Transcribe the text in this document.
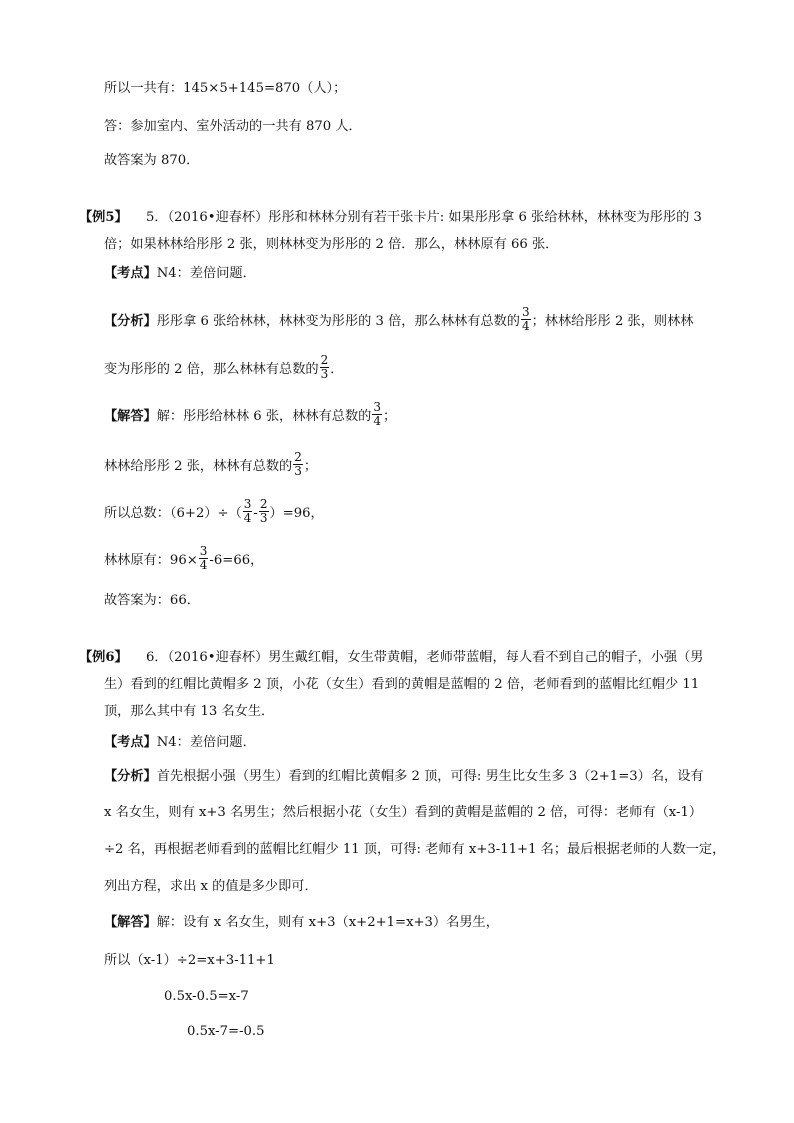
所以一共有：145×5+145=870（人）；
答：参加室内、室外活动的一共有 870 人．
故答案为 870．
【例5】 5．（2016•迎春杯）彤彤和林林分别有若干张卡片: 如果彤彤拿 6 张给林林，林林变为彤彤的 3
倍；如果林林给彤彤 2 张，则林林变为彤彤的 2 倍．那么，林林原有 66 张．
【考点】N4：差倍问题．
【分析】彤彤拿 6 张给林林，林林变为彤彤的 3 倍，那么林林有总数的 $\frac{3}{4}$ ；林林给彤彤 2 张，则林林
变为彤彤的 2 倍，那么林林有总数的 $\frac{2}{3}$ ．
【解答】解：彤彤给林林 6 张，林林有总数的 $\frac{3}{4}$ ；
林林给彤彤 2 张，林林有总数的 $\frac{2}{3}$ ；
所以总数：$(6+2)\div( \frac{3}{4} - \frac{2}{3} )=96$，
林林原有：$96\times \frac{3}{4} -6=66$，
故答案为：66．
【例6】 6．（2016•迎春杯）男生戴红帽，女生带黄帽，老师带蓝帽，每人看不到自己的帽子，小强（男
生）看到的红帽比黄帽多 2 顶，小花（女生）看到的黄帽是蓝帽的 2 倍，老师看到的蓝帽比红帽少 11
顶，那么其中有 13 名女生．
【考点】N4：差倍问题．
【分析】首先根据小强（男生）看到的红帽比黄帽多 2 顶，可得: 男生比女生多 3（2+1=3）名，设有
x 名女生，则有 x+3 名男生；然后根据小花（女生）看到的黄帽是蓝帽的 2 倍，可得：老师有（x-1）
÷2 名，再根据老师看到的蓝帽比红帽少 11 顶，可得: 老师有 x+3-11+1 名；最后根据老师的人数一定，
列出方程，求出 x 的值是多少即可．
【解答】解：设有 x 名女生，则有 x+3（x+2+1=x+3）名男生，
所以（x-1）÷2=x+3-11+1
0.5x-0.5=x-7
0.5x-7=-0.5
